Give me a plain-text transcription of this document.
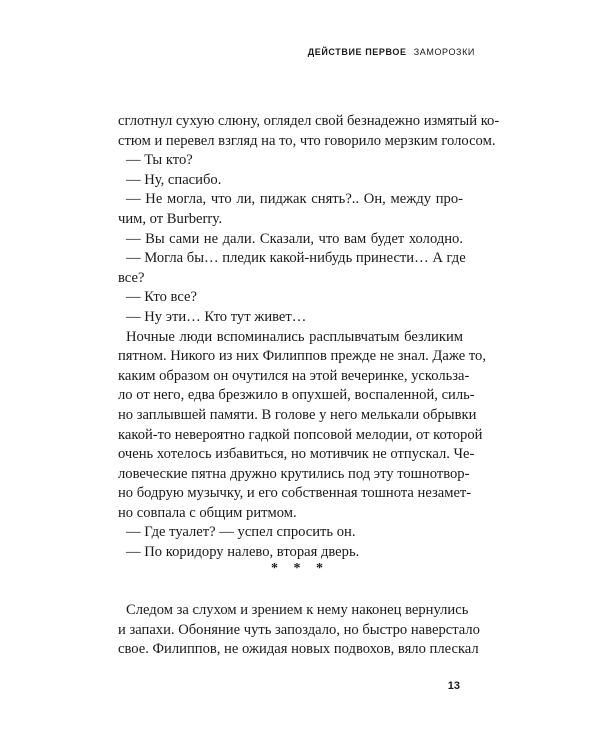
ДЕЙСТВИЕ ПЕРВОЕ ЗАМОРОЗКИ
сглотнул сухую слюну, оглядел свой безнадежно измятый ко-
стюм и перевел взгляд на то, что говорило мерзким голосом.
— Ты кто?
— Ну, спасибо.
— Не могла, что ли, пиджак снять?.. Он, между про-
чим, от Burberry.
— Вы сами не дали. Сказали, что вам будет холодно.
— Могла бы… пледик какой-нибудь принести… А где
все?
— Кто все?
— Ну эти… Кто тут живет…
Ночные люди вспоминались расплывчатым безликим
пятном. Никого из них Филиппов прежде не знал. Даже то,
каким образом он очутился на этой вечеринке, ускольза-
ло от него, едва брезжило в опухшей, воспаленной, силь-
но заплывшей памяти. В голове у него мелькали обрывки
какой-то невероятно гадкой попсовой мелодии, от которой
очень хотелось избавиться, но мотивчик не отпускал. Че-
ловеческие пятна дружно крутились под эту тошнотвор-
но бодрую музычку, и его собственная тошнота незамет-
но совпала с общим ритмом.
— Где туалет? — успел спросить он.
— По коридору налево, вторая дверь.
* * *
Следом за слухом и зрением к нему наконец вернулись
и запахи. Обоняние чуть запоздало, но быстро наверстало
свое. Филиппов, не ожидая новых подвохов, вяло плескал
13
